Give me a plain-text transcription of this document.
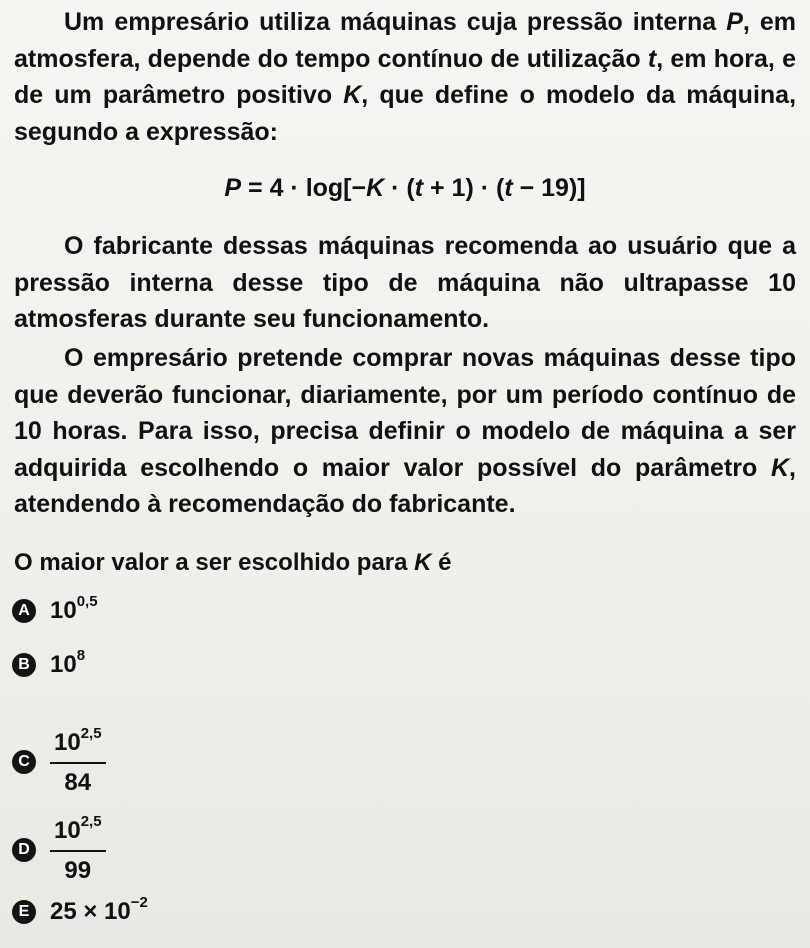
Um empresário utiliza máquinas cuja pressão interna P, em atmosfera, depende do tempo contínuo de utilização t, em hora, e de um parâmetro positivo K, que define o modelo da máquina, segundo a expressão:

P = 4 · log[−K · (t + 1) · (t − 19)]

O fabricante dessas máquinas recomenda ao usuário que a pressão interna desse tipo de máquina não ultrapasse 10 atmosferas durante seu funcionamento.

O empresário pretende comprar novas máquinas desse tipo que deverão funcionar, diariamente, por um período contínuo de 10 horas. Para isso, precisa definir o modelo de máquina a ser adquirida escolhendo o maior valor possível do parâmetro K, atendendo à recomendação do fabricante.

O maior valor a ser escolhido para K é

A 10$^{0,5}$
B $10^8$
C $\frac{10^{2,5}}{84}$
D $\frac{10^{2,5}}{99}$
E $25 \times 10^{-2}$
